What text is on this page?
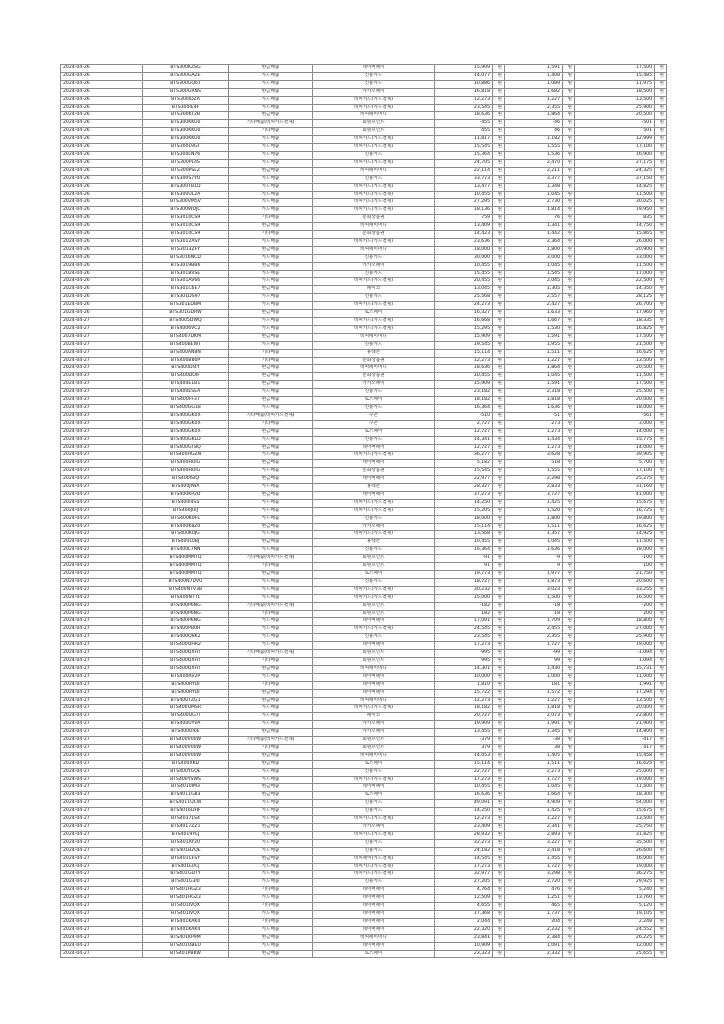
2024-04-26	BTS300KZSG	현금매출	네이버페이	15,909	원	1,591	원	17,500	원
2024-04-26	BTS300GAZE	카드매출	신용카드	14,077	원	1,408	원	15,485	원
2024-04-26	BTS300GQ6T	카드매출	신용카드	10,886	원	1,089	원	11,975	원
2024-04-26	BTS300GRNS	현금매출	카카오페이	16,818	원	1,682	원	18,500	원
2024-04-26	BTS300IDZA	카드매출	비씨카드(카드결제)	12,273	원	1,227	원	13,500	원
2024-04-26	BTS300IE4F	카드매출	비씨카드(카드결제)	23,545	원	2,355	원	25,900	원
2024-04-26	BTS300KT2B	현금매출	비씨페이머니	18,636	원	1,864	원	20,500	원
2024-04-26	BTS300KKU0	기타매출(비씨카드결제)	회원포인트	-455	원	-46	원	-501	원
2024-04-26	BTS300KKU0	기타매출	회원포인트	455	원	46	원	501	원
2024-04-26	BTS300KKU0	카드매출	비씨카드(카드결제)	11,817	원	1,182	원	12,999	원
2024-04-26	BTS300L9GT	카드매출	비씨카드(카드결제)	15,545	원	1,555	원	17,100	원
2024-04-26	BTS300LN76	카드매출	신용카드	15,364	원	1,536	원	16,900	원
2024-04-26	BTS300PL4S	카드매출	비씨카드(카드결제)	24,705	원	2,470	원	27,175	원
2024-04-26	BTS300PSLZ	현금매출	비씨페이머니	22,114	원	2,211	원	24,325	원
2024-04-26	BTS300S7YO	카드매출	신용카드	33,773	원	3,377	원	37,150	원
2024-04-26	BTS300TB1D	카드매출	비씨카드(카드결제)	13,477	원	1,348	원	14,825	원
2024-04-26	BTS300UL2A	카드매출	비씨카드(카드결제)	10,455	원	1,045	원	11,500	원
2024-04-26	BTS300VM5V	카드매출	비씨카드(카드결제)	27,295	원	2,730	원	30,025	원
2024-04-26	BTS300WDJC	카드매출	비씨카드(카드결제)	18,136	원	1,814	원	19,950	원
2024-04-26	BTS3010CS9	기타매출	문화상품권	759	원	76	원	835	원
2024-04-26	BTS3010CS9	현금매출	비씨페이머니	13,409	원	1,341	원	14,750	원
2024-04-26	BTS3010CS9	기타매출	문화상품권	14,423	원	1,442	원	15,865	원
2024-04-26	BTS3012ASY	카드매출	비씨카드(카드결제)	23,636	원	2,364	원	26,000	원
2024-04-26	BTS3013ZFY	현금매출	비씨페이머니	18,000	원	1,800	원	20,900	원
2024-04-26	BTS3016NCD	카드매출	신용카드	30,000	원	3,000	원	33,000	원
2024-04-26	BTS3019BB6	현금매출	카카오페이	10,455	원	1,045	원	11,500	원
2024-04-26	BTS301BVSE	카드매출	신용카드	15,455	원	1,545	원	17,000	원
2024-04-26	BTS301AV66	카드매출	비씨카드(카드결제)	20,455	원	2,045	원	22,500	원
2024-04-26	BTS301C6E7	현금매출	페이코	13,045	원	1,305	원	14,350	원
2024-04-26	BTS301DS97	카드매출	신용카드	25,568	원	2,557	원	28,125	원
2024-04-26	BTS301EDBM	카드매출	비씨카드(카드결제)	24,273	원	2,427	원	26,700	원
2024-04-26	BTS301GDRW	현금매출	토스페이	16,327	원	1,633	원	17,960	원
2024-04-27	BTS4005DWQ	카드매출	비씨카드(카드결제)	16,668	원	1,667	원	18,335	원
2024-04-27	BTS4006VC2	카드매출	비씨카드(카드결제)	15,295	원	1,530	원	16,825	원
2024-04-27	BTS4007DKM	현금매출	비씨페이머니	15,909	원	1,591	원	17,500	원
2024-04-27	BTS400BEWT	카드매출	신용카드	19,545	원	1,955	원	21,500	원
2024-04-27	BTS400AN8N	기타매출	휴대폰	15,114	원	1,511	원	16,625	원
2024-04-27	BTS400B80P	기타매출	문화상품권	12,273	원	1,227	원	13,500	원
2024-04-27	BTS400DI4Y	현금매출	비씨페이머니	18,636	원	1,864	원	20,500	원
2024-04-27	BTS400DOIF	현금매출	문화상품권	10,455	원	1,045	원	11,500	원
2024-04-27	BTS400E1B1	현금매출	카카오페이	15,909	원	1,591	원	17,500	원
2024-04-27	BTS400ESEA	카드매출	신용카드	23,182	원	2,318	원	25,500	원
2024-04-27	BTS400FF37	현금매출	토스페이	18,182	원	1,818	원	20,000	원
2024-04-27	BTS400GG18	카드매출	신용카드	16,364	원	1,636	원	18,000	원
2024-04-27	BTS400GK0X	기타매출(비씨카드결제)	쿠폰	-510	원	-51	원	-561	원
2024-04-27	BTS400GK0X	기타매출	쿠폰	2,727	원	273	원	3,000	원
2024-04-27	BTS400GK0X	현금매출	토스페이	12,727	원	1,273	원	14,000	원
2024-04-27	BTS400GKLD	카드매출	신용카드	14,341	원	1,434	원	15,775	원
2024-04-27	BTS400GT8Q	현금매출	네이버페이	12,727	원	1,273	원	14,000	원
2024-04-27	BTS400HGZN	카드매출	비씨카드(카드결제)	36,277	원	3,628	원	39,905	원
2024-04-27	BTS400HUIG	현금매출	네이버페이	5,182	원	518	원	5,700	원
2024-04-27	BTS400HUIG	카드매출	문화상품권	15,545	원	1,555	원	17,100	원
2024-04-27	BTS400ISIQ	현금매출	네이버페이	22,977	원	2,298	원	25,275	원
2024-04-27	BTS400JIWA	카드매출	휴대폰	28,327	원	2,833	원	31,160	원
2024-04-27	BTS400KP2D	현금매출	네이버페이	37,273	원	3,727	원	41,000	원
2024-04-27	BTS400I4SS	카드매출	비씨카드(카드결제)	14,250	원	1,425	원	15,675	원
2024-04-27	BTS400JUIJ	카드매출	비씨카드(카드결제)	15,205	원	1,520	원	16,725	원
2024-04-27	BTS400K0FL	카드매출	신용카드	18,000	원	1,800	원	19,800	원
2024-04-27	BTS400K8Z0	현금매출	카카오페이	15,114	원	1,511	원	16,625	원
2024-04-27	BTS400K0JG	카드매출	비씨카드(카드결제)	13,568	원	1,357	원	14,925	원
2024-04-27	BTS400L0BJ	현금매출	휴대폰	10,455	원	1,045	원	11,500	원
2024-04-27	BTS400L7NN	카드매출	신용카드	16,364	원	1,636	원	18,000	원
2024-04-27	BTS400MMTQ	기타매출(비씨카드결제)	회원포인트	-91	원	-9	원	-100	원
2024-04-27	BTS400MMTQ	기타매출	회원포인트	91	원	9	원	100	원
2024-04-27	BTS400MMTQ	현금매출	토스페이	19,773	원	1,977	원	21,750	원
2024-04-27	BTS400N7DVU	카드매출	신용카드	18,727	원	1,873	원	20,600	원
2024-04-27	BTS400NTV3B	카드매출	비씨카드(카드결제)	30,232	원	3,023	원	33,255	원
2024-04-27	BTS400N7TL	카드매출	비씨카드(카드결제)	15,000	원	1,500	원	16,500	원
2024-04-27	BTS400P6NG	기타매출(비씨카드결제)	회원포인트	-182	원	-18	원	-200	원
2024-04-27	BTS400P6NG	기타매출	회원포인트	182	원	18	원	200	원
2024-04-27	BTS400P6NG	카드매출	네이버페이	17,091	원	1,709	원	18,800	원
2024-04-27	BTS400PB0H	카드매출	비씨카드(카드결제)	24,545	원	2,455	원	27,000	원
2024-04-27	BTS400Q8K2	카드매출	신용카드	23,545	원	2,355	원	25,900	원
2024-04-27	BTS400QHR2	카드매출	네이버페이	17,273	원	1,727	원	19,000	원
2024-04-27	BTS400QXHT	기타매출(비씨카드결제)	회원포인트	-995	원	-99	원	-1,094	원
2024-04-27	BTS400QXHT	기타매출	회원포인트	995	원	99	원	1,094	원
2024-04-27	BTS400QXHT	현금매출	비씨페이머니	14,301	원	1,430	원	15,731	원
2024-04-27	BTS400RV2P	카드매출	네이버페이	10,000	원	1,000	원	11,000	원
2024-04-27	BTS400RYDI	기타매출	네이버페이	1,810	원	181	원	1,991	원
2024-04-27	BTS400RYDI	현금매출	네이버페이	15,722	원	1,572	원	17,294	원
2024-04-27	BTS400TZG1	현금매출	비씨페이머니	12,273	원	1,227	원	13,500	원
2024-04-27	BTS400UMSR	카드매출	비씨카드(카드결제)	18,182	원	1,818	원	20,000	원
2024-04-27	BTS400UG7I	카드매출	페이코	20,727	원	2,073	원	22,800	원
2024-04-27	BTS400UYVA	카드매출	카카오페이	19,909	원	1,991	원	21,900	원
2024-04-27	BTS400UI0E	현금매출	카카오페이	13,455	원	1,345	원	14,800	원
2024-04-27	BTS400V00W	기타매출(비씨카드결제)	회원포인트	-379	원	-38	원	-417	원
2024-04-27	BTS400V00W	기타매출	회원포인트	379	원	38	원	417	원
2024-04-27	BTS400V00W	현금매출	비씨페이머니	14,053	원	1,405	원	15,458	원
2024-04-27	BTS400XKD	현금매출	토스페이	15,114	원	1,511	원	16,625	원
2024-04-27	BTS400YGQE	카드매출	신용카드	22,727	원	2,273	원	25,000	원
2024-04-27	BTS400YSWS	카드매출	비씨카드(카드결제)	17,273	원	1,727	원	19,000	원
2024-04-27	BTS4010IM3	현금매출	네이버페이	10,455	원	1,045	원	11,500	원
2024-04-27	BTS4011G83	현금매출	토스페이	16,636	원	1,664	원	18,300	원
2024-04-27	BTS4011QCW	카드매출	신용카드	49,091	원	4,909	원	54,000	원
2024-04-27	BTS4016DHF	카드매출	신용카드	14,250	원	1,425	원	15,675	원
2024-04-27	BTS4017LS4	카드매출	비씨카드(카드결제)	12,273	원	1,227	원	13,500	원
2024-04-27	BTS4017ZZ1	현금매출	카카오페이	23,409	원	2,341	원	25,750	원
2024-04-27	BTS4019YEJ	카드매출	비씨카드(카드결제)	28,932	원	2,893	원	31,825	원
2024-04-27	BTS401AY20	카드매출	신용카드	32,273	원	3,227	원	35,500	원
2024-04-27	BTS401B2QE	카드매출	신용카드	24,182	원	2,418	원	26,600	원
2024-04-27	BTS401CFSY	현금매출	비씨페이(카드결제)	14,545	원	1,455	원	16,000	원
2024-04-27	BTS401E0CJ	카드매출	비씨카드(카드결제)	17,273	원	1,727	원	19,000	원
2024-04-27	BTS401GDTY	카드매출	비씨카드(카드결제)	32,977	원	3,298	원	36,275	원
2024-04-27	BTS401G3I0	카드매출	신용카드	27,205	원	2,720	원	29,925	원
2024-04-27	BTS401HGZ3	기타매출	네이버페이	4,764	원	476	원	5,240	원
2024-04-27	BTS401HGZ3	카드매출	네이버페이	12,509	원	1,251	원	13,760	원
2024-04-27	BTS401IVQX	기타매출	네이버페이	4,655	원	465	원	5,120	원
2024-04-27	BTS401IVQX	카드매출	네이버페이	17,368	원	1,737	원	19,105	원
2024-04-27	BTS401KAK4	기타매출	네이버페이	2,044	원	204	원	2,248	원
2024-04-27	BTS401KAK4	카드매출	네이버페이	22,320	원	2,232	원	24,552	원
2024-04-27	BTS401KP9M	현금매출	비씨페이머니	23,841	원	2,384	원	26,225	원
2024-04-27	BTS401OBEU	카드매출	네이버페이	10,909	원	1,091	원	12,000	원
2024-04-27	BTS401PBKW	현금매출	토스페이	23,323	원	2,332	원	25,655	원
